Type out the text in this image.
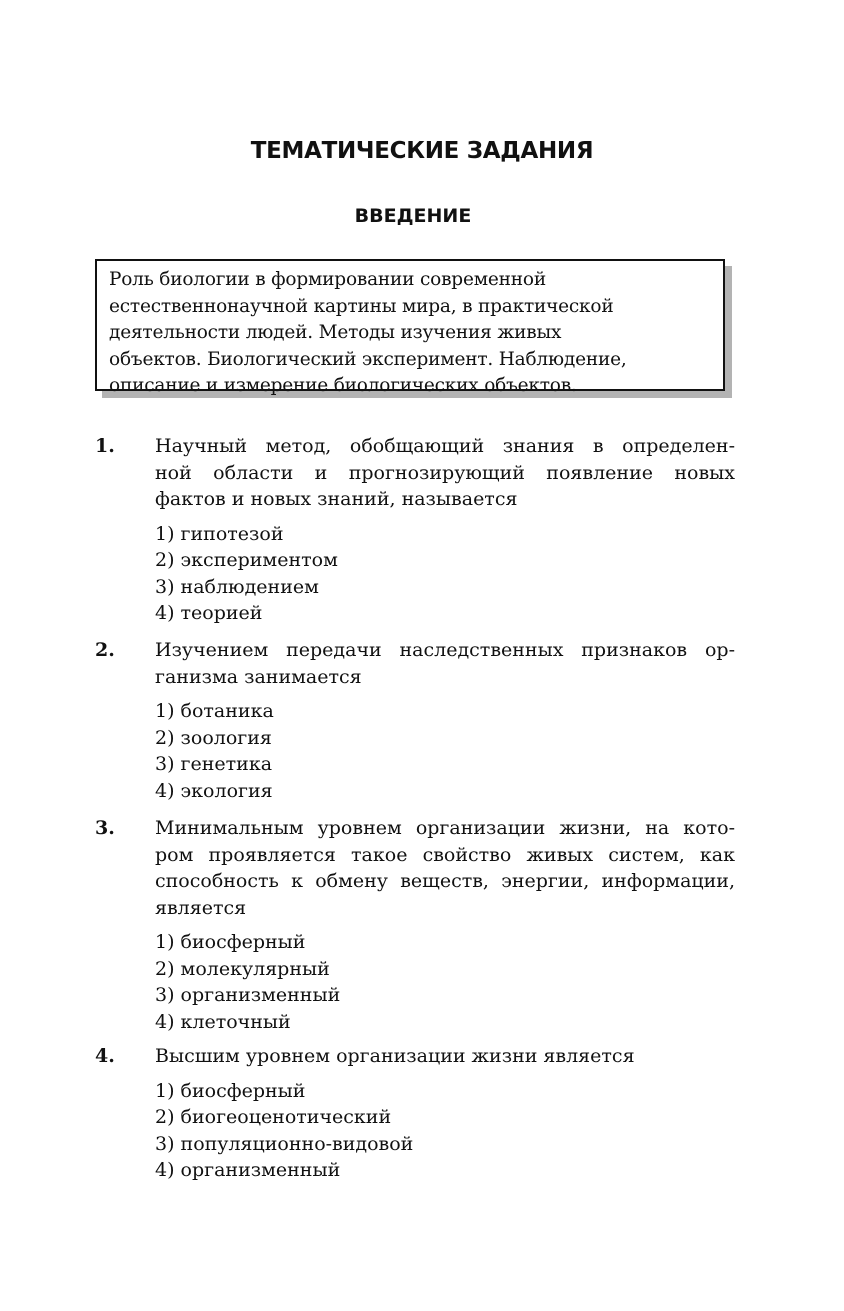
ТЕМАТИЧЕСКИЕ ЗАДАНИЯ
ВВЕДЕНИЕ
Роль биологии в формировании современной
естественнонаучной картины мира, в практической
деятельности людей. Методы изучения живых
объектов. Биологический эксперимент. Наблюдение,
описание и измерение биологических объектов.
1. Научный метод, обобщающий знания в определен-
ной области и прогнозирующий появление новых
фактов и новых знаний, называется
1) гипотезой
2) экспериментом
3) наблюдением
4) теорией
2. Изучением передачи наследственных признаков ор-
ганизма занимается
1) ботаника
2) зоология
3) генетика
4) экология
3. Минимальным уровнем организации жизни, на кото-
ром проявляется такое свойство живых систем, как
способность к обмену веществ, энергии, информации,
является
1) биосферный
2) молекулярный
3) организменный
4) клеточный
4. Высшим уровнем организации жизни является
1) биосферный
2) биогеоценотический
3) популяционно-видовой
4) организменный
